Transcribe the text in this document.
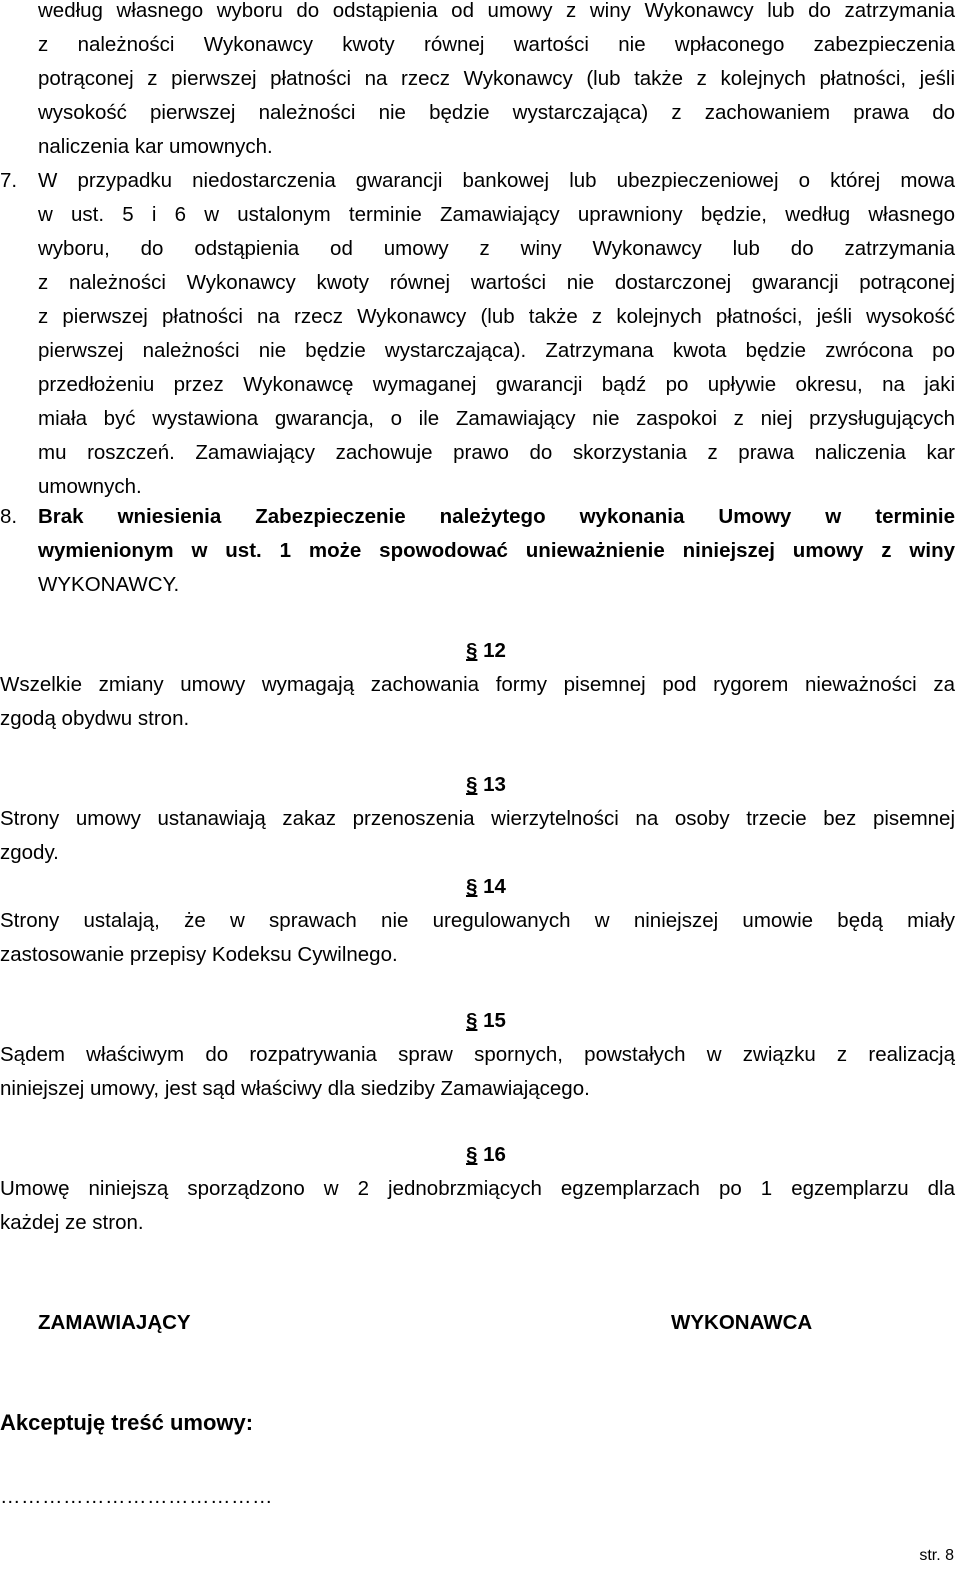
według własnego wyboru do odstąpienia od umowy z winy Wykonawcy lub do zatrzymania
z należności Wykonawcy kwoty równej wartości nie wpłaconego zabezpieczenia
potrąconej z pierwszej płatności na rzecz Wykonawcy (lub także z kolejnych płatności, jeśli
wysokość pierwszej należności nie będzie wystarczająca) z zachowaniem prawa do
naliczenia kar umownych.
7. W przypadku niedostarczenia gwarancji bankowej lub ubezpieczeniowej o której mowa
w ust. 5 i 6 w ustalonym terminie Zamawiający uprawniony będzie, według własnego
wyboru, do odstąpienia od umowy z winy Wykonawcy lub do zatrzymania
z należności Wykonawcy kwoty równej wartości nie dostarczonej gwarancji potrąconej
z pierwszej płatności na rzecz Wykonawcy (lub także z kolejnych płatności, jeśli wysokość
pierwszej należności nie będzie wystarczająca). Zatrzymana kwota będzie zwrócona po
przedłożeniu przez Wykonawcę wymaganej gwarancji bądź po upływie okresu, na jaki
miała być wystawiona gwarancja, o ile Zamawiający nie zaspokoi z niej przysługujących
mu roszczeń. Zamawiający zachowuje prawo do skorzystania z prawa naliczenia kar
umownych.
8. Brak wniesienia Zabezpieczenie należytego wykonania Umowy w terminie
wymienionym w ust. 1 może spowodować unieważnienie niniejszej umowy z winy
WYKONAWCY.
§ 12
Wszelkie zmiany umowy wymagają zachowania formy pisemnej pod rygorem nieważności za
zgodą obydwu stron.
§ 13
Strony umowy ustanawiają zakaz przenoszenia wierzytelności na osoby trzecie bez pisemnej
zgody.
§ 14
Strony ustalają, że w sprawach nie uregulowanych w niniejszej umowie będą miały
zastosowanie przepisy Kodeksu Cywilnego.
§ 15
Sądem właściwym do rozpatrywania spraw spornych, powstałych w związku z realizacją
niniejszej umowy, jest sąd właściwy dla siedziby Zamawiającego.
§ 16
Umowę niniejszą sporządzono w 2 jednobrzmiących egzemplarzach po 1 egzemplarzu dla
każdej ze stron.
ZAMAWIAJĄCY	WYKONAWCA
Akceptuję treść umowy:
…………………………………
str. 8
